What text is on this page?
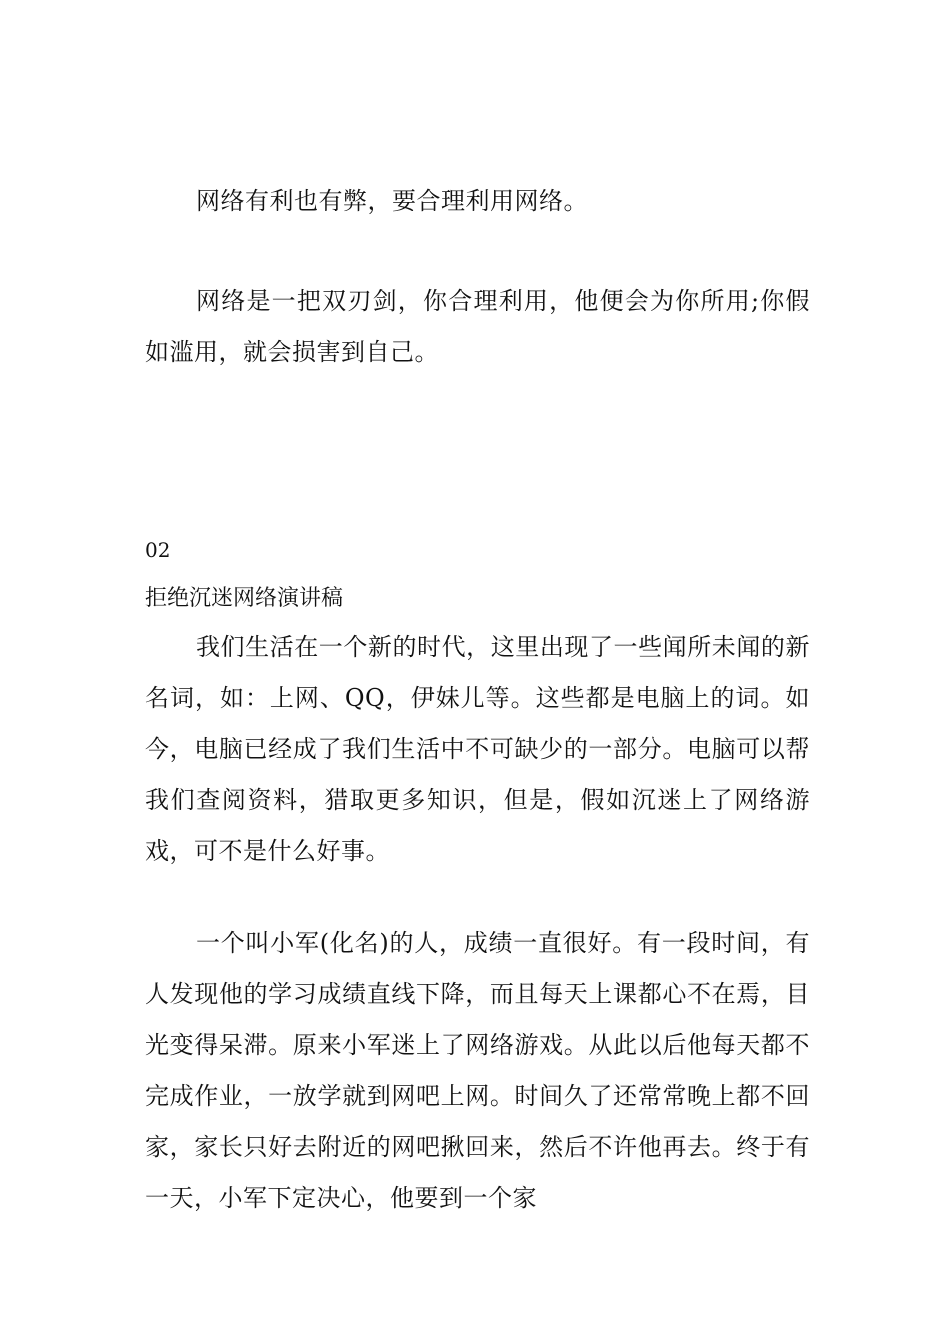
网络有利也有弊，要合理利用网络。

网络是一把双刃剑，你合理利用，他便会为你所用;你假如滥用，就会损害到自己。

02

拒绝沉迷网络演讲稿

我们生活在一个新的时代，这里出现了一些闻所未闻的新名词，如：上网、QQ，伊妹儿等。这些都是电脑上的词。如今，电脑已经成了我们生活中不可缺少的一部分。电脑可以帮我们查阅资料，猎取更多知识，但是，假如沉迷上了网络游戏，可不是什么好事。

一个叫小军(化名)的人，成绩一直很好。有一段时间，有人发现他的学习成绩直线下降，而且每天上课都心不在焉，目光变得呆滞。原来小军迷上了网络游戏。从此以后他每天都不完成作业，一放学就到网吧上网。时间久了还常常晚上都不回家，家长只好去附近的网吧揪回来，然后不许他再去。终于有一天，小军下定决心，他要到一个家
